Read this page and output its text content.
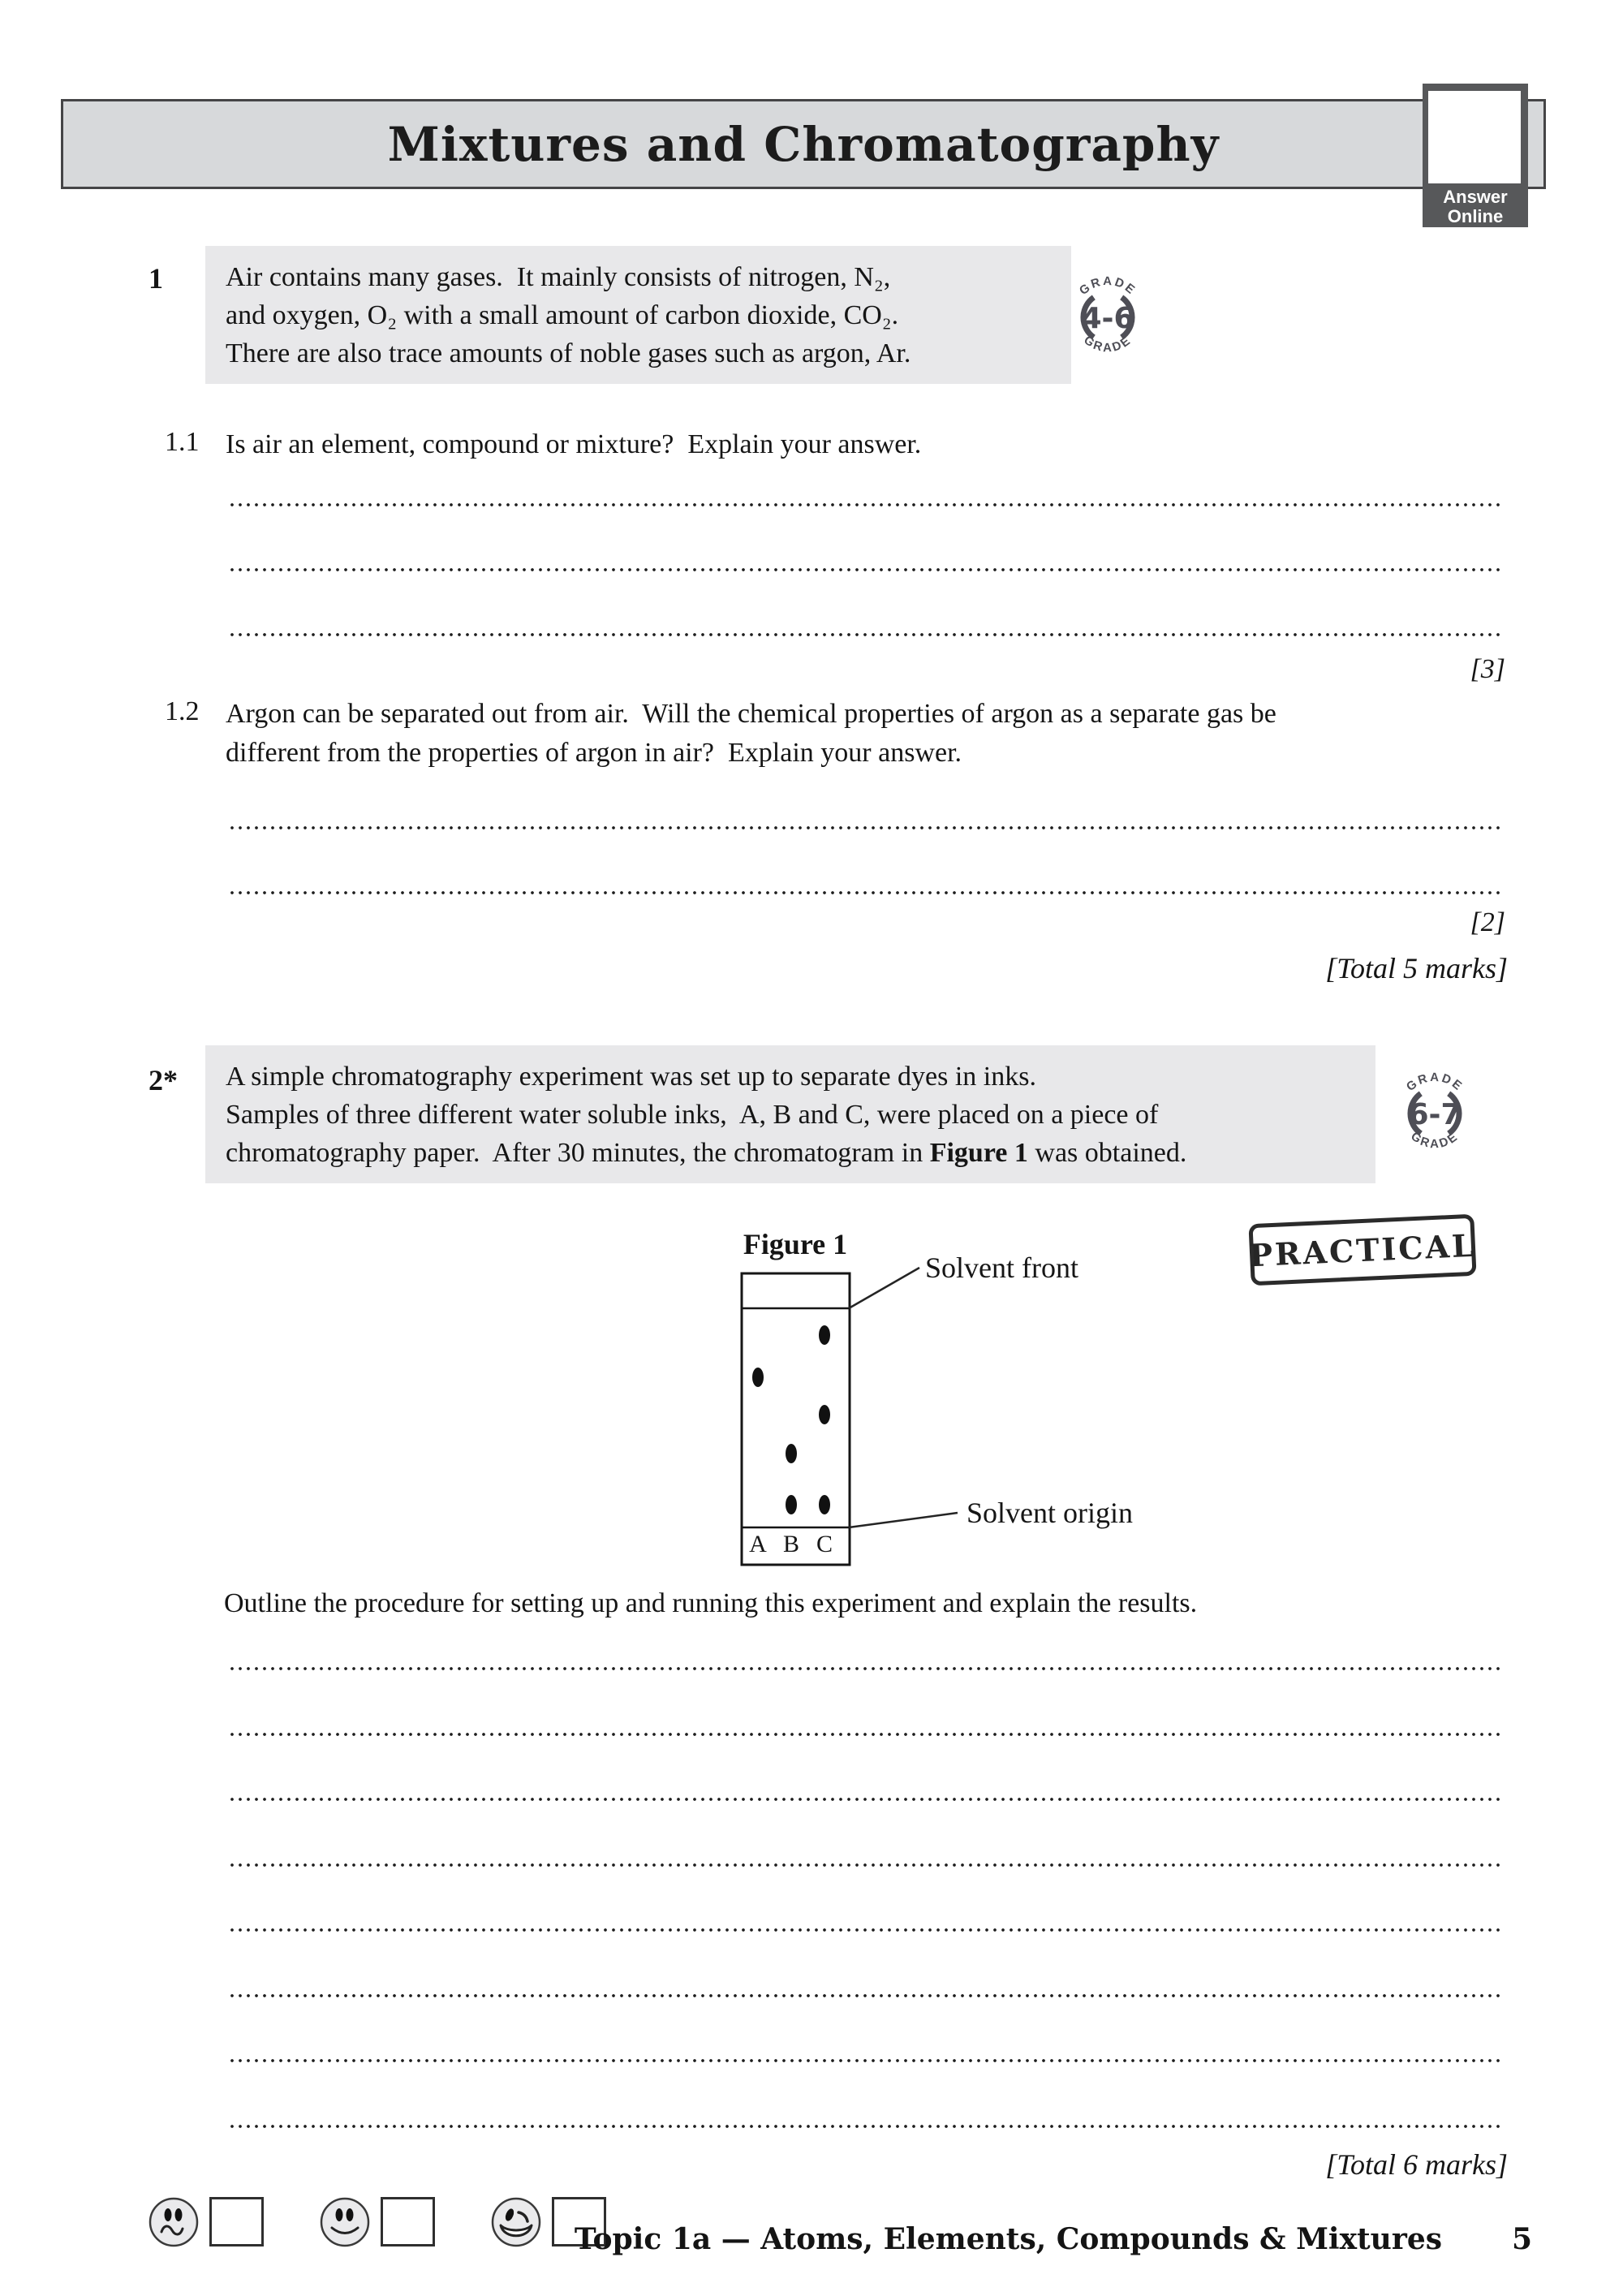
Mixtures and Chromatography
Answer
Online
1 Air contains many gases.  It mainly consists of nitrogen, N₂,
and oxygen, O₂ with a small amount of carbon dioxide, CO₂.
There are also trace amounts of noble gases such as argon, Ar.
GRADE
GRADE
4-6
1.1 Is air an element, compound or mixture?  Explain your answer.
[3]
1.2 Argon can be separated out from air.  Will the chemical properties of argon as a separate gas be
different from the properties of argon in air?  Explain your answer.
[2]
[Total 5 marks]
2* A simple chromatography experiment was set up to separate dyes in inks.
Samples of three different water soluble inks,  A, B and C, were placed on a piece of
chromatography paper.  After 30 minutes, the chromatogram in Figure 1 was obtained.
GRADE
GRADE
6-7
PRACTICAL
Figure 1
A B C
Solvent front
Solvent origin
Outline the procedure for setting up and running this experiment and explain the results.
[Total 6 marks]
Topic 1a — Atoms, Elements, Compounds & Mixtures 5
